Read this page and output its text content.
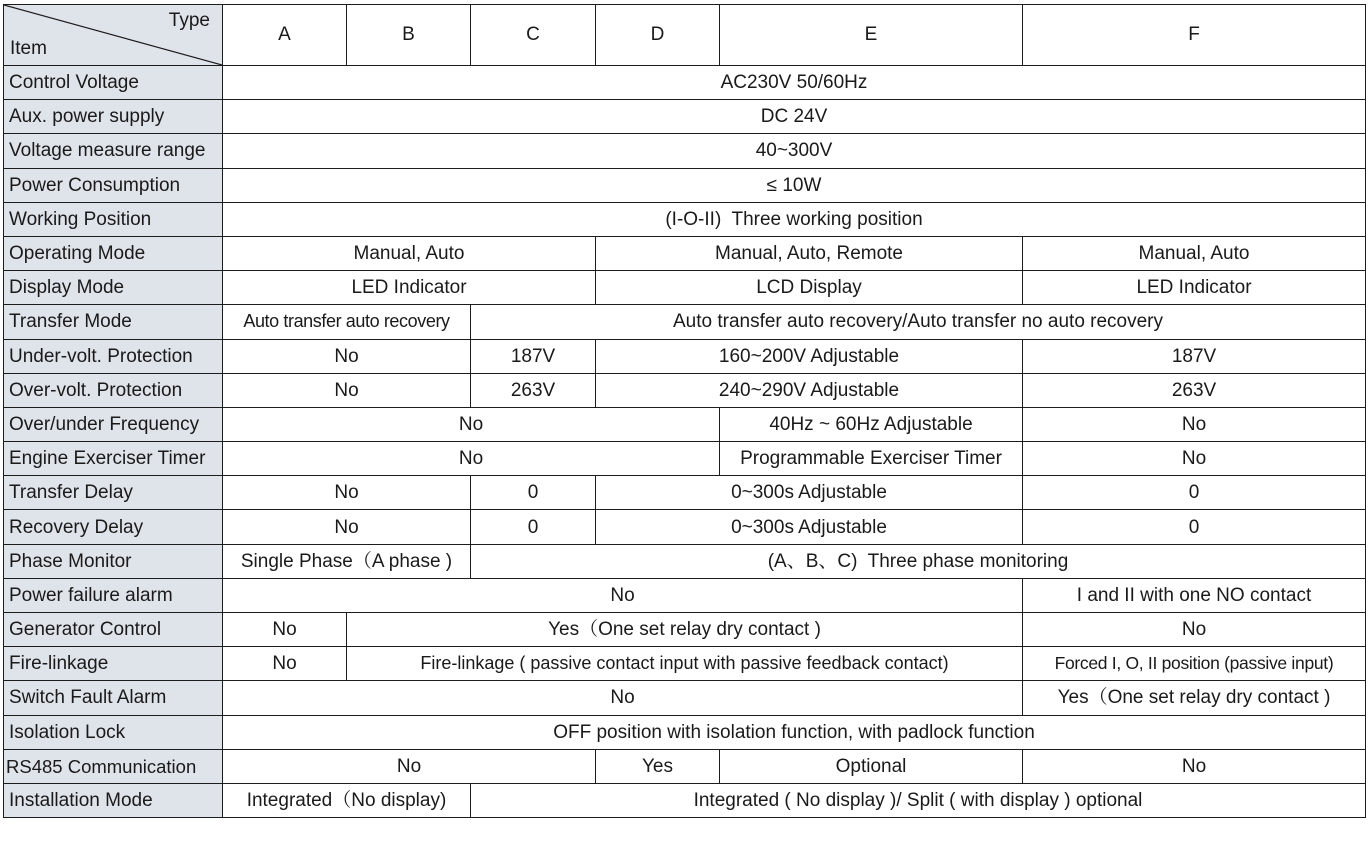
Type
Item	A	B	C	D	E	F
Control Voltage	AC230V 50/60Hz					
Aux. power supply	DC 24V					
Voltage measure range	40~300V					
Power Consumption	≤ 10W					
Working Position	(I-O-II)  Three working position					
Operating Mode	Manual, Auto			Manual, Auto, Remote		Manual, Auto
Display Mode	LED Indicator			LCD Display		LED Indicator
Transfer Mode	Auto transfer auto recovery		Auto transfer auto recovery/Auto transfer no auto recovery			
Under-volt. Protection	No		187V	160~200V Adjustable		187V
Over-volt. Protection	No		263V	240~290V Adjustable		263V
Over/under Frequency	No				40Hz ~ 60Hz Adjustable	No
Engine Exerciser Timer	No				Programmable Exerciser Timer	No
Transfer Delay	No		0	0~300s Adjustable		0
Recovery Delay	No		0	0~300s Adjustable		0
Phase Monitor	Single Phase（A phase )		(A、B、C)  Three phase monitoring			
Power failure alarm	No					I and II with one NO contact
Generator Control	No	Yes（One set relay dry contact )				No
Fire-linkage	No	Fire-linkage ( passive contact input with passive feedback contact)				Forced I, O, II position (passive input)
Switch Fault Alarm	No					Yes（One set relay dry contact )
Isolation Lock	OFF position with isolation function, with padlock function					
RS485 Communication	No			Yes	Optional	No
Installation Mode	Integrated（No display)		Integrated ( No display )/ Split ( with display ) optional			
